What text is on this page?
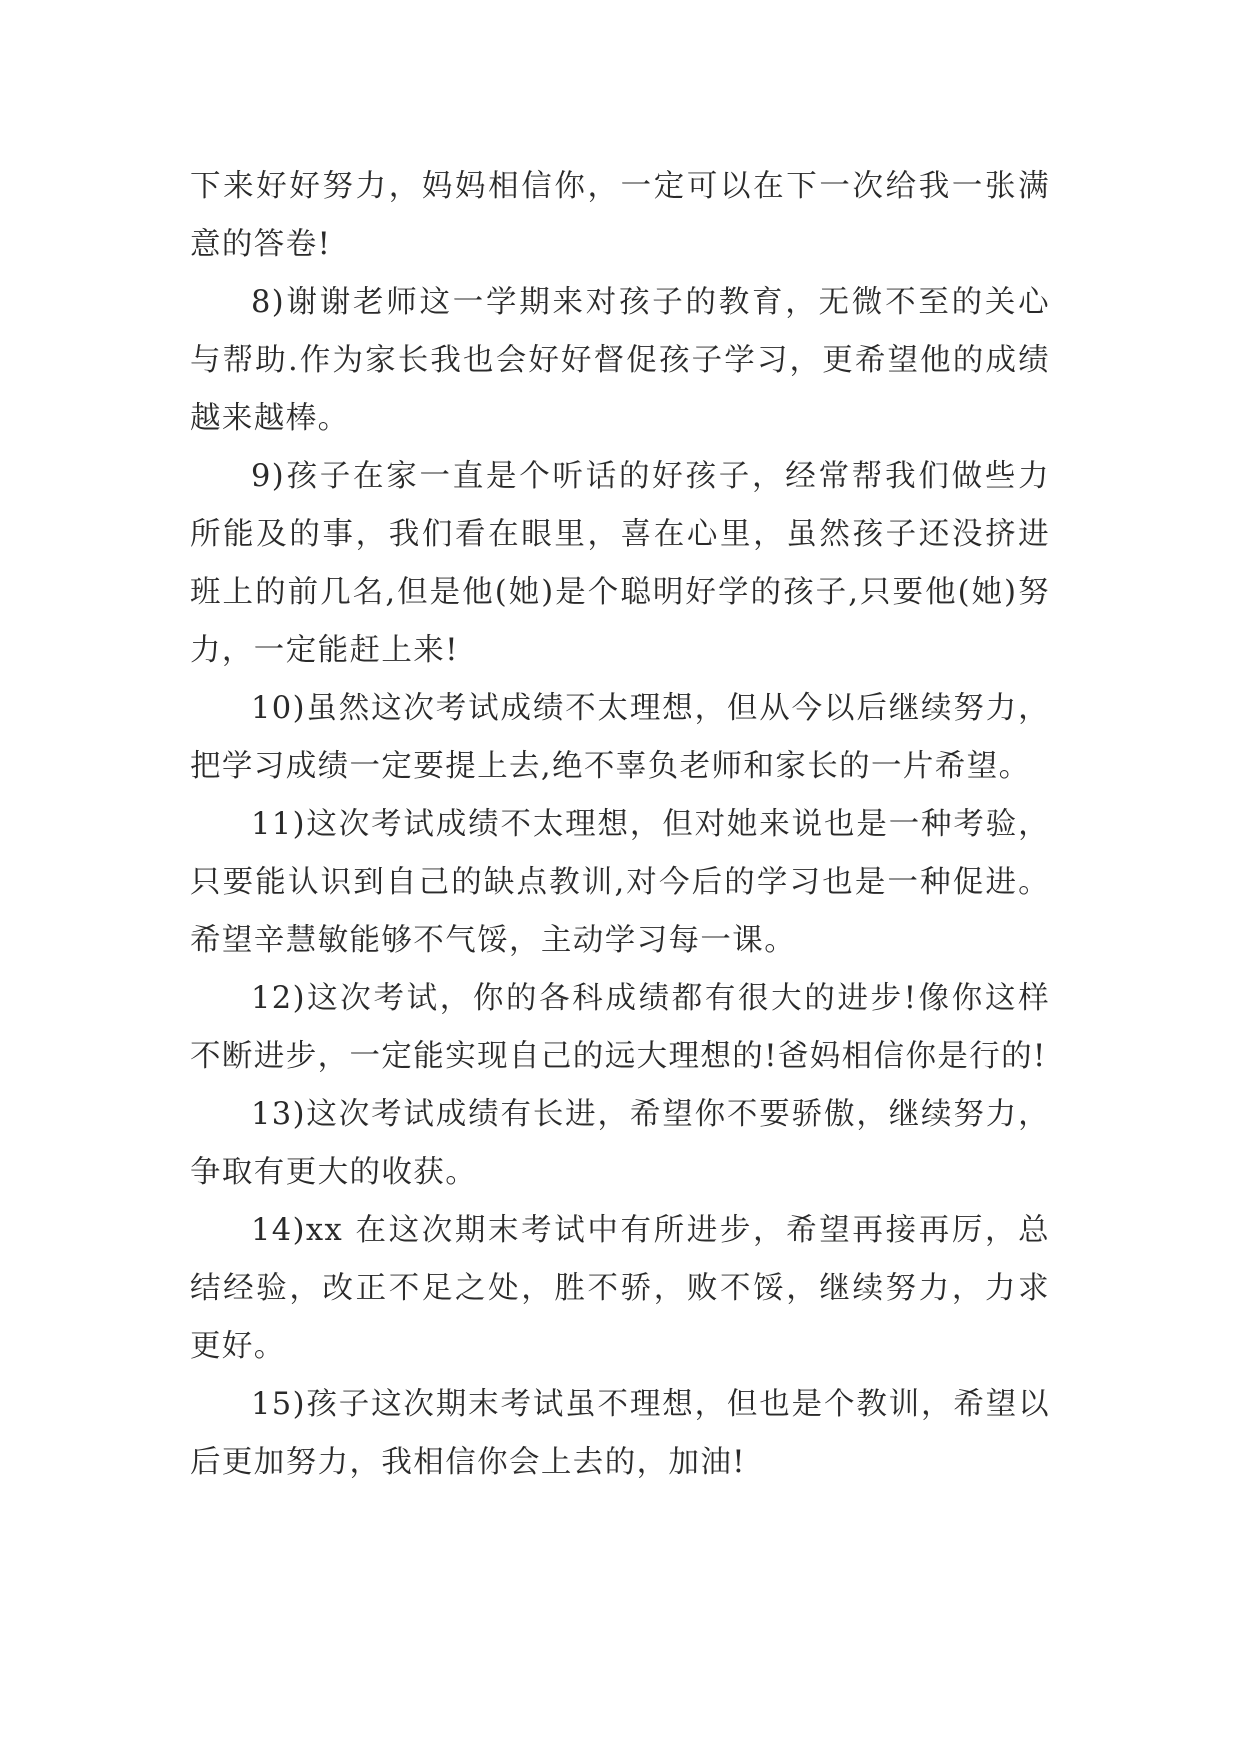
下来好好努力，妈妈相信你，一定可以在下一次给我一张满意的答卷!

8)谢谢老师这一学期来对孩子的教育，无微不至的关心与帮助.作为家长我也会好好督促孩子学习，更希望他的成绩越来越棒。

9)孩子在家一直是个听话的好孩子，经常帮我们做些力所能及的事，我们看在眼里，喜在心里，虽然孩子还没挤进班上的前几名,但是他(她)是个聪明好学的孩子,只要他(她)努力，一定能赶上来!

10)虽然这次考试成绩不太理想，但从今以后继续努力，把学习成绩一定要提上去,绝不辜负老师和家长的一片希望。

11)这次考试成绩不太理想，但对她来说也是一种考验，只要能认识到自己的缺点教训,对今后的学习也是一种促进。希望辛慧敏能够不气馁，主动学习每一课。

12)这次考试，你的各科成绩都有很大的进步!像你这样不断进步，一定能实现自己的远大理想的!爸妈相信你是行的!

13)这次考试成绩有长进，希望你不要骄傲，继续努力，争取有更大的收获。

14)xx 在这次期末考试中有所进步，希望再接再厉，总结经验，改正不足之处，胜不骄，败不馁，继续努力，力求更好。

15)孩子这次期末考试虽不理想，但也是个教训，希望以后更加努力，我相信你会上去的，加油!
